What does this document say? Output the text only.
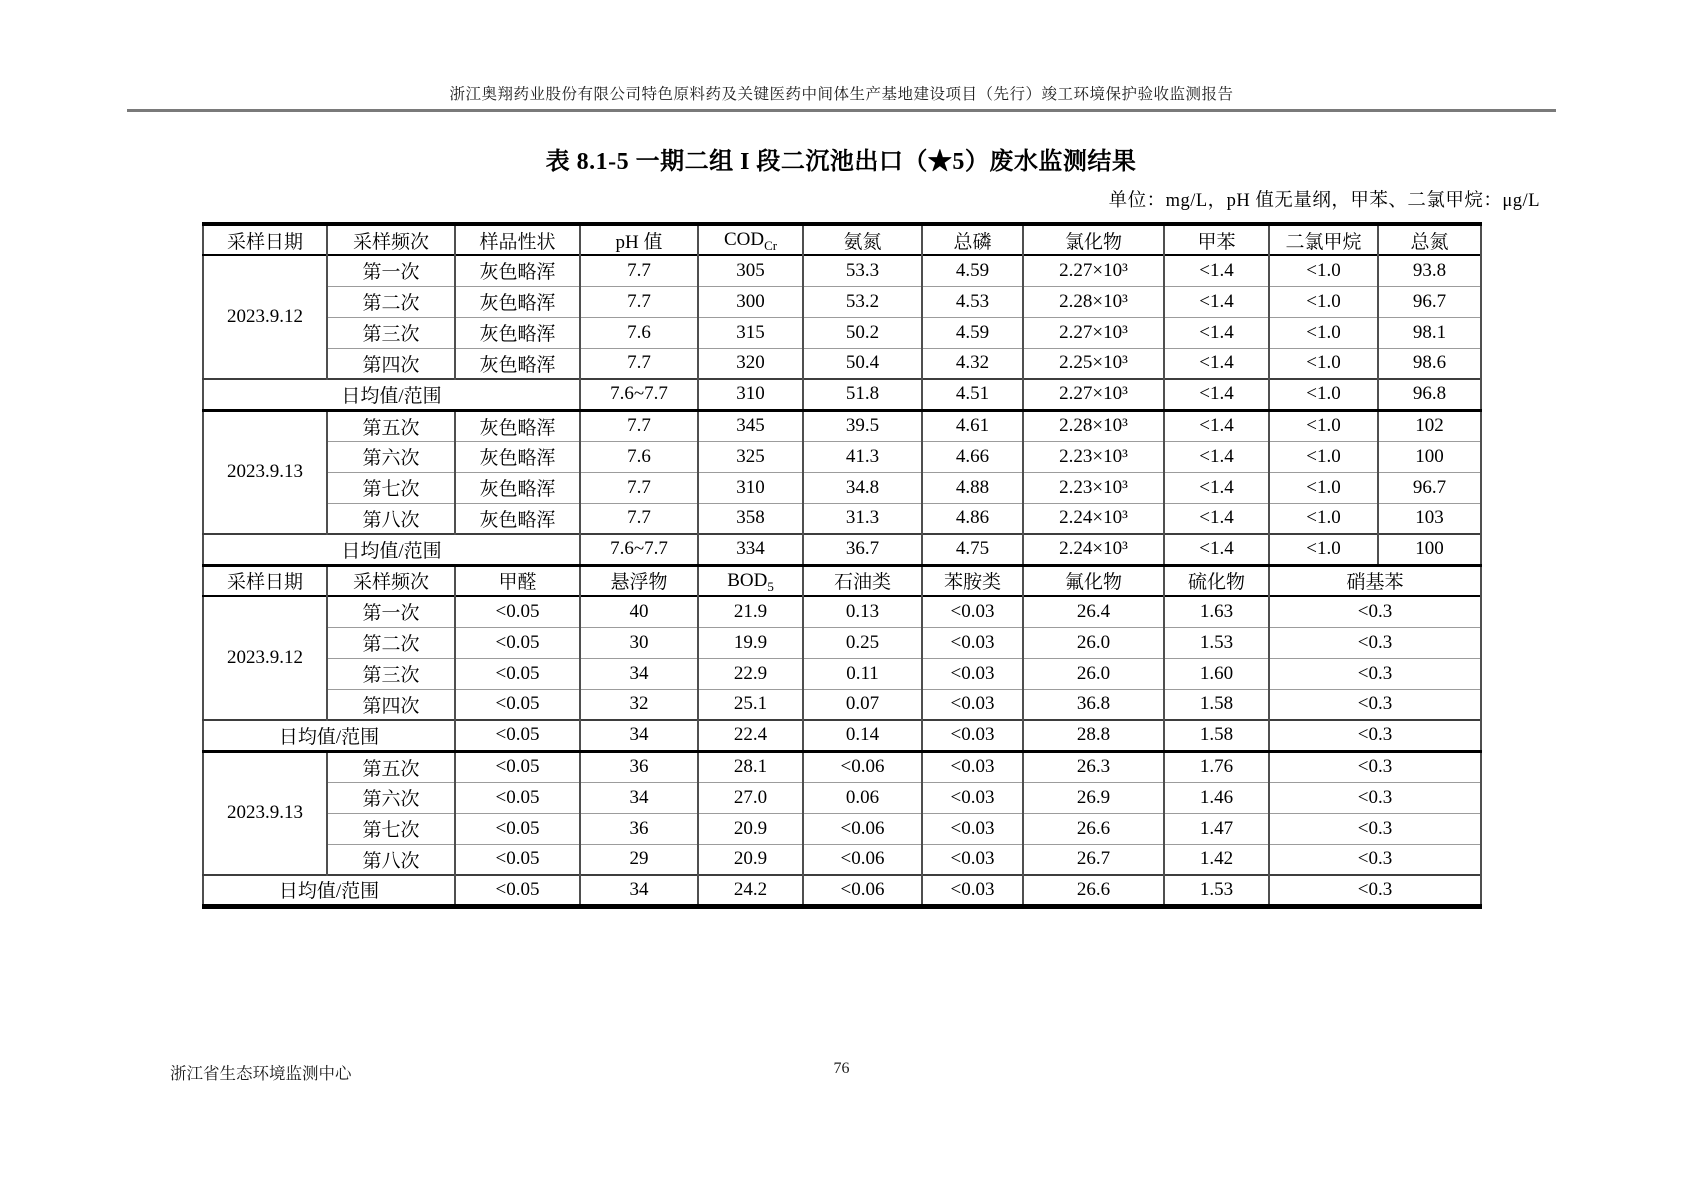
浙江奥翔药业股份有限公司特色原料药及关键医药中间体生产基地建设项目（先行）竣工环境保护验收监测报告
表 8.1-5 一期二组 I 段二沉池出口（★5）废水监测结果
单位：mg/L，pH 值无量纲，甲苯、二氯甲烷：μg/L
采样日期	采样频次	样品性状	pH 值	$COD_{Cr}$	氨氮	总磷	氯化物	甲苯	二氯甲烷	总氮
2023.9.12	第一次	灰色略浑	7.7	305	53.3	4.59	2.27×10³	<1.4	<1.0	93.8
	第二次	灰色略浑	7.7	300	53.2	4.53	2.28×10³	<1.4	<1.0	96.7
	第三次	灰色略浑	7.6	315	50.2	4.59	2.27×10³	<1.4	<1.0	98.1
	第四次	灰色略浑	7.7	320	50.4	4.32	2.25×10³	<1.4	<1.0	98.6
日均值/范围			7.6~7.7	310	51.8	4.51	2.27×10³	<1.4	<1.0	96.8
2023.9.13	第五次	灰色略浑	7.7	345	39.5	4.61	2.28×10³	<1.4	<1.0	102
	第六次	灰色略浑	7.6	325	41.3	4.66	2.23×10³	<1.4	<1.0	100
	第七次	灰色略浑	7.7	310	34.8	4.88	2.23×10³	<1.4	<1.0	96.7
	第八次	灰色略浑	7.7	358	31.3	4.86	2.24×10³	<1.4	<1.0	103
日均值/范围			7.6~7.7	334	36.7	4.75	2.24×10³	<1.4	<1.0	100
采样日期	采样频次	甲醛	悬浮物	$BOD_5$	石油类	苯胺类	氟化物	硫化物	硝基苯	
2023.9.12	第一次	<0.05	40	21.9	0.13	<0.03	26.4	1.63	<0.3	
	第二次	<0.05	30	19.9	0.25	<0.03	26.0	1.53	<0.3	
	第三次	<0.05	34	22.9	0.11	<0.03	26.0	1.60	<0.3	
	第四次	<0.05	32	25.1	0.07	<0.03	36.8	1.58	<0.3	
日均值/范围		<0.05	34	22.4	0.14	<0.03	28.8	1.58	<0.3	
2023.9.13	第五次	<0.05	36	28.1	<0.06	<0.03	26.3	1.76	<0.3	
	第六次	<0.05	34	27.0	0.06	<0.03	26.9	1.46	<0.3	
	第七次	<0.05	36	20.9	<0.06	<0.03	26.6	1.47	<0.3	
	第八次	<0.05	29	20.9	<0.06	<0.03	26.7	1.42	<0.3	
日均值/范围		<0.05	34	24.2	<0.06	<0.03	26.6	1.53	<0.3	
浙江省生态环境监测中心	76
